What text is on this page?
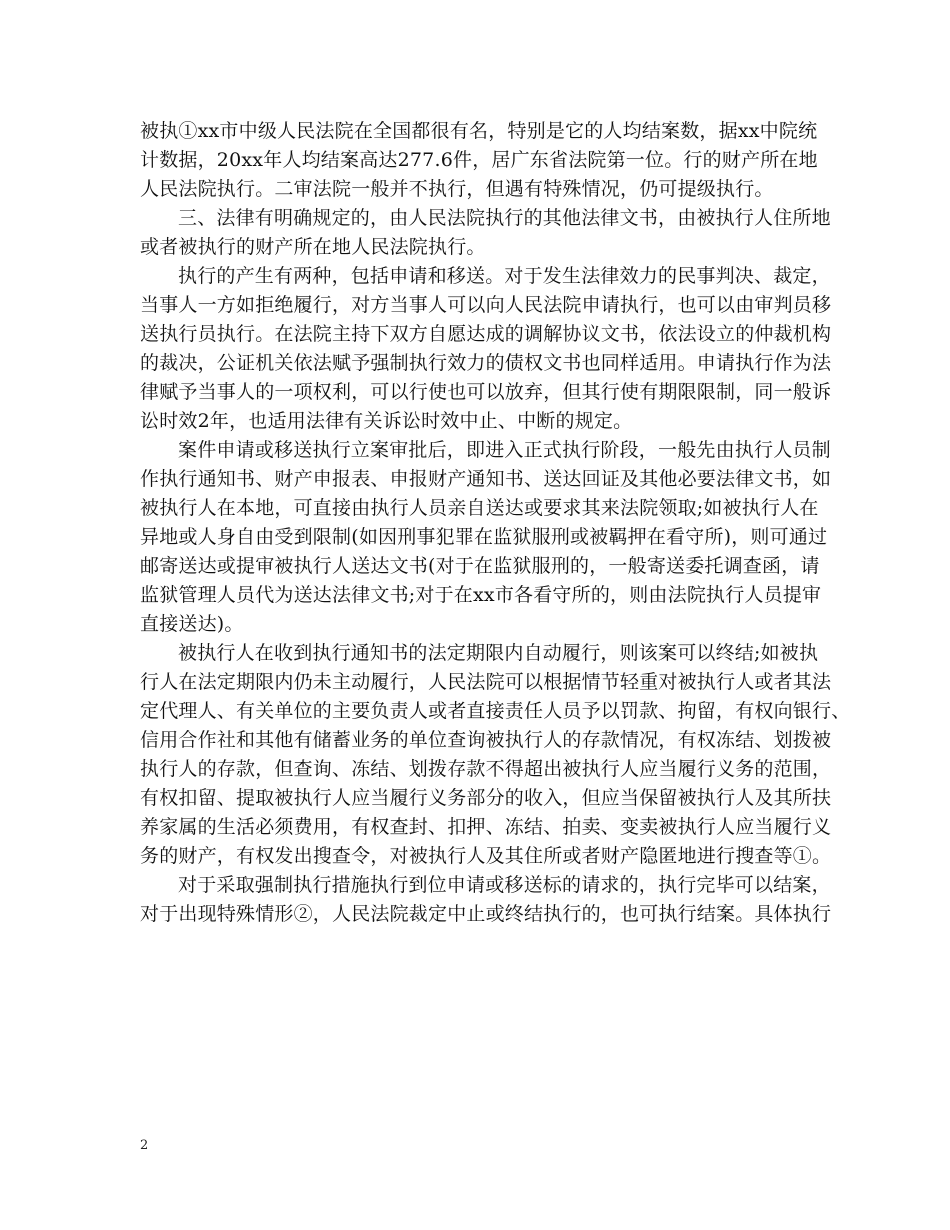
被执①xx市中级人民法院在全国都很有名，特别是它的人均结案数，据xx中院统

计数据，20xx年人均结案高达277.6件，居广东省法院第一位。行的财产所在地

人民法院执行。二审法院一般并不执行，但遇有特殊情况，仍可提级执行。

三、法律有明确规定的，由人民法院执行的其他法律文书，由被执行人住所地

或者被执行的财产所在地人民法院执行。

执行的产生有两种，包括申请和移送。对于发生法律效力的民事判决、裁定，

当事人一方如拒绝履行，对方当事人可以向人民法院申请执行，也可以由审判员移

送执行员执行。在法院主持下双方自愿达成的调解协议文书，依法设立的仲裁机构

的裁决，公证机关依法赋予强制执行效力的债权文书也同样适用。申请执行作为法

律赋予当事人的一项权利，可以行使也可以放弃，但其行使有期限限制，同一般诉

讼时效2年，也适用法律有关诉讼时效中止、中断的规定。

案件申请或移送执行立案审批后，即进入正式执行阶段，一般先由执行人员制

作执行通知书、财产申报表、申报财产通知书、送达回证及其他必要法律文书，如

被执行人在本地，可直接由执行人员亲自送达或要求其来法院领取;如被执行人在

异地或人身自由受到限制(如因刑事犯罪在监狱服刑或被羁押在看守所)，则可通过

邮寄送达或提审被执行人送达文书(对于在监狱服刑的，一般寄送委托调查函，请

监狱管理人员代为送达法律文书;对于在xx市各看守所的，则由法院执行人员提审

直接送达)。

被执行人在收到执行通知书的法定期限内自动履行，则该案可以终结;如被执

行人在法定期限内仍未主动履行，人民法院可以根据情节轻重对被执行人或者其法

定代理人、有关单位的主要负责人或者直接责任人员予以罚款、拘留，有权向银行、

信用合作社和其他有储蓄业务的单位查询被执行人的存款情况，有权冻结、划拨被

执行人的存款，但查询、冻结、划拨存款不得超出被执行人应当履行义务的范围，

有权扣留、提取被执行人应当履行义务部分的收入，但应当保留被执行人及其所扶

养家属的生活必须费用，有权查封、扣押、冻结、拍卖、变卖被执行人应当履行义

务的财产，有权发出搜查令，对被执行人及其住所或者财产隐匿地进行搜查等①。

对于采取强制执行措施执行到位申请或移送标的请求的，执行完毕可以结案，

对于出现特殊情形②，人民法院裁定中止或终结执行的，也可执行结案。具体执行

2
